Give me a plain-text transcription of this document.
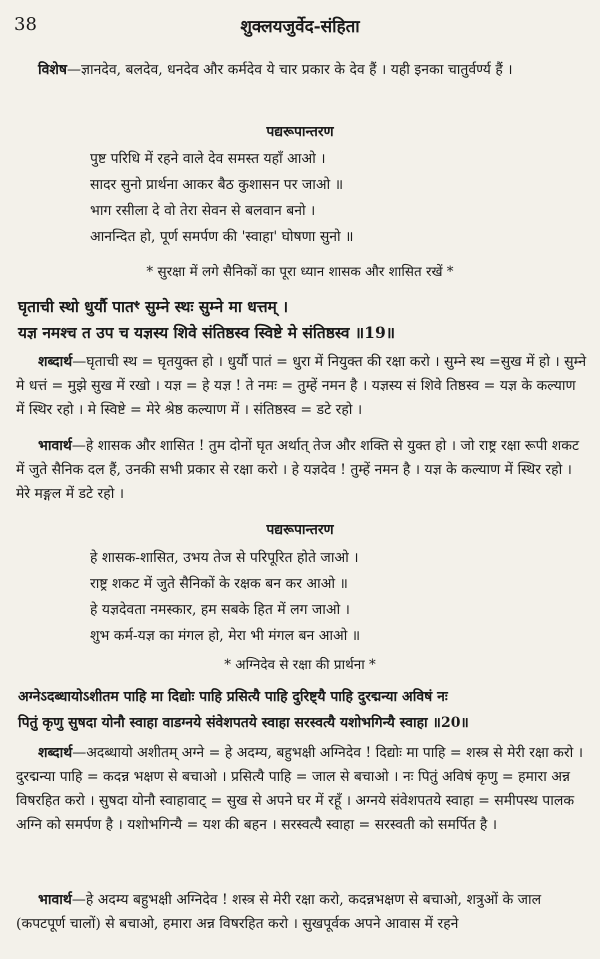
38	शुक्लयजुर्वेद-संहिता
विशेष—ज्ञानदेव, बलदेव, धनदेव और कर्मदेव ये चार प्रकार के देव हैं । यही इनका चातुर्वर्ण्य हैं ।
पद्यरूपान्तरण
पुष्ट परिधि में रहने वाले देव समस्त यहाँ आओ ।
सादर सुनो प्रार्थना आकर बैठ कुशासन पर जाओ ॥
भाग रसीला दे वो तेरा सेवन से बलवान बनो ।
आनन्दित हो, पूर्ण समर्पण की 'स्वाहा' घोषणा सुनो ॥
* सुरक्षा में लगे सैनिकों का पूरा ध्यान शासक और शासित रखें *
घृताची स्थो धुर्यौ पातꣳ सुम्ने स्थः सुम्ने मा धत्तम् ।
यज्ञ नमश्च त उप च यज्ञस्य शिवे संतिष्ठस्व स्विष्टे मे संतिष्ठस्व ॥19॥
शब्दार्थ—घृताची स्थ = घृतयुक्त हो । धुर्यौ पातं = धुरा में नियुक्त की रक्षा करो । सुम्ने स्थ =सुख में हो । सुम्ने मे धत्तं = मुझे सुख में रखो । यज्ञ = हे यज्ञ ! ते नमः = तुम्हें नमन है । यज्ञस्य सं शिवे तिष्ठस्व = यज्ञ के कल्याण में स्थिर रहो । मे स्विष्टे = मेरे श्रेष्ठ कल्याण में । संतिष्ठस्व = डटे रहो ।
भावार्थ—हे शासक और शासित ! तुम दोनों घृत अर्थात् तेज और शक्ति से युक्त हो । जो राष्ट्र रक्षा रूपी शकट में जुते सैनिक दल हैं, उनकी सभी प्रकार से रक्षा करो । हे यज्ञदेव ! तुम्हें नमन है । यज्ञ के कल्याण में स्थिर रहो । मेरे मङ्गल में डटे रहो ।
पद्यरूपान्तरण
हे शासक-शासित, उभय तेज से परिपूरित होते जाओ ।
राष्ट्र शकट में जुते सैनिकों के रक्षक बन कर आओ ॥
हे यज्ञदेवता नमस्कार, हम सबके हित में लग जाओ ।
शुभ कर्म-यज्ञ का मंगल हो, मेरा भी मंगल बन आओ ॥
* अग्निदेव से रक्षा की प्रार्थना *
अग्नेऽदब्धायोऽशीतम पाहि मा दिद्योः पाहि प्रसित्यै पाहि दुरिष्ट्यै पाहि दुरद्मन्या अविषं नः
पितुं कृणु सुषदा योनौ स्वाहा वाडग्नये संवेशपतये स्वाहा सरस्वत्यै यशोभगिन्यै स्वाहा ॥20॥
शब्दार्थ—अदब्धायो अशीतम् अग्ने = हे अदम्य, बहुभक्षी अग्निदेव ! दिद्योः मा पाहि = शस्त्र से मेरी रक्षा करो । दुरद्मन्या पाहि = कदन्न भक्षण से बचाओ । प्रसित्यै पाहि = जाल से बचाओ । नः पितुं अविषं कृणु = हमारा अन्न विषरहित करो । सुषदा योनौ स्वाहावाट् = सुख से अपने घर में रहूँ । अग्नये संवेशपतये स्वाहा = समीपस्थ पालक अग्नि को समर्पण है । यशोभगिन्यै = यश की बहन । सरस्वत्यै स्वाहा = सरस्वती को समर्पित है ।
भावार्थ—हे अदम्य बहुभक्षी अग्निदेव ! शस्त्र से मेरी रक्षा करो, कदन्नभक्षण से बचाओ, शत्रुओं के जाल (कपटपूर्ण चालों) से बचाओ, हमारा अन्न विषरहित करो । सुखपूर्वक अपने आवास में रहने
